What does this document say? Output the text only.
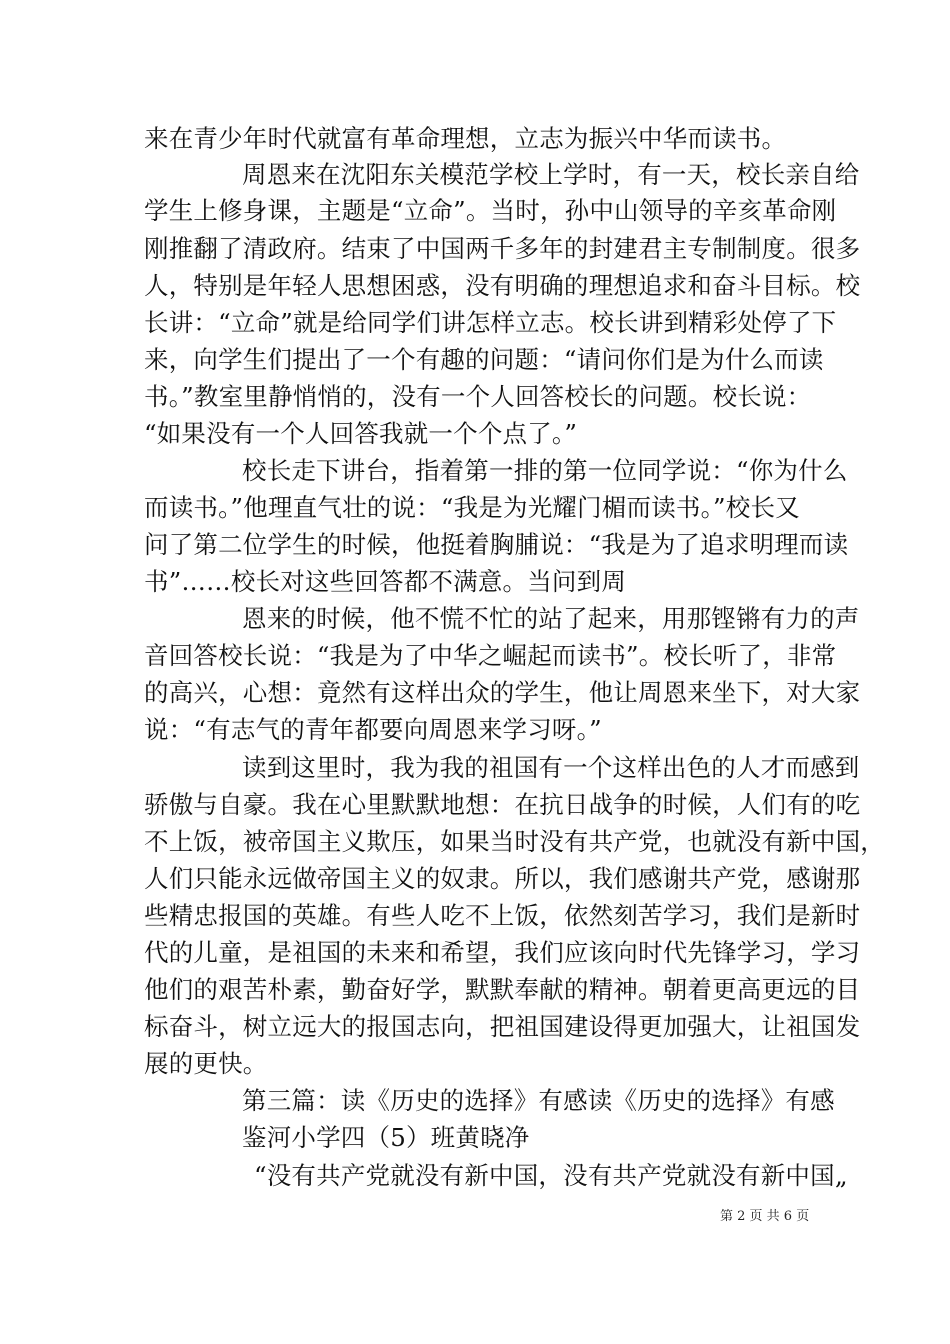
来在青少年时代就富有革命理想，立志为振兴中华而读书。
周恩来在沈阳东关模范学校上学时，有一天，校长亲自给
学生上修身课，主题是“立命”。当时，孙中山领导的辛亥革命刚
刚推翻了清政府。结束了中国两千多年的封建君主专制制度。很多
人，特别是年轻人思想困惑，没有明确的理想追求和奋斗目标。校
长讲：“立命”就是给同学们讲怎样立志。校长讲到精彩处停了下
来，向学生们提出了一个有趣的问题：“请问你们是为什么而读
书。”教室里静悄悄的，没有一个人回答校长的问题。校长说：
“如果没有一个人回答我就一个个点了。”
校长走下讲台，指着第一排的第一位同学说：“你为什么
而读书。”他理直气壮的说：“我是为光耀门楣而读书。”校长又
问了第二位学生的时候，他挺着胸脯说：“我是为了追求明理而读
书”……校长对这些回答都不满意。当问到周
恩来的时候，他不慌不忙的站了起来，用那铿锵有力的声
音回答校长说：“我是为了中华之崛起而读书”。校长听了，非常
的高兴，心想：竟然有这样出众的学生，他让周恩来坐下，对大家
说：“有志气的青年都要向周恩来学习呀。”
读到这里时，我为我的祖国有一个这样出色的人才而感到
骄傲与自豪。我在心里默默地想：在抗日战争的时候，人们有的吃
不上饭，被帝国主义欺压，如果当时没有共产党，也就没有新中国，
人们只能永远做帝国主义的奴隶。所以，我们感谢共产党，感谢那
些精忠报国的英雄。有些人吃不上饭，依然刻苦学习，我们是新时
代的儿童，是祖国的未来和希望，我们应该向时代先锋学习，学习
他们的艰苦朴素，勤奋好学，默默奉献的精神。朝着更高更远的目
标奋斗，树立远大的报国志向，把祖国建设得更加强大，让祖国发
展的更快。
第三篇：读《历史的选择》有感读《历史的选择》有感
鉴河小学四（5）班黄晓净
“没有共产党就没有新中国，没有共产党就没有新中国„
第 2 页 共 6 页
